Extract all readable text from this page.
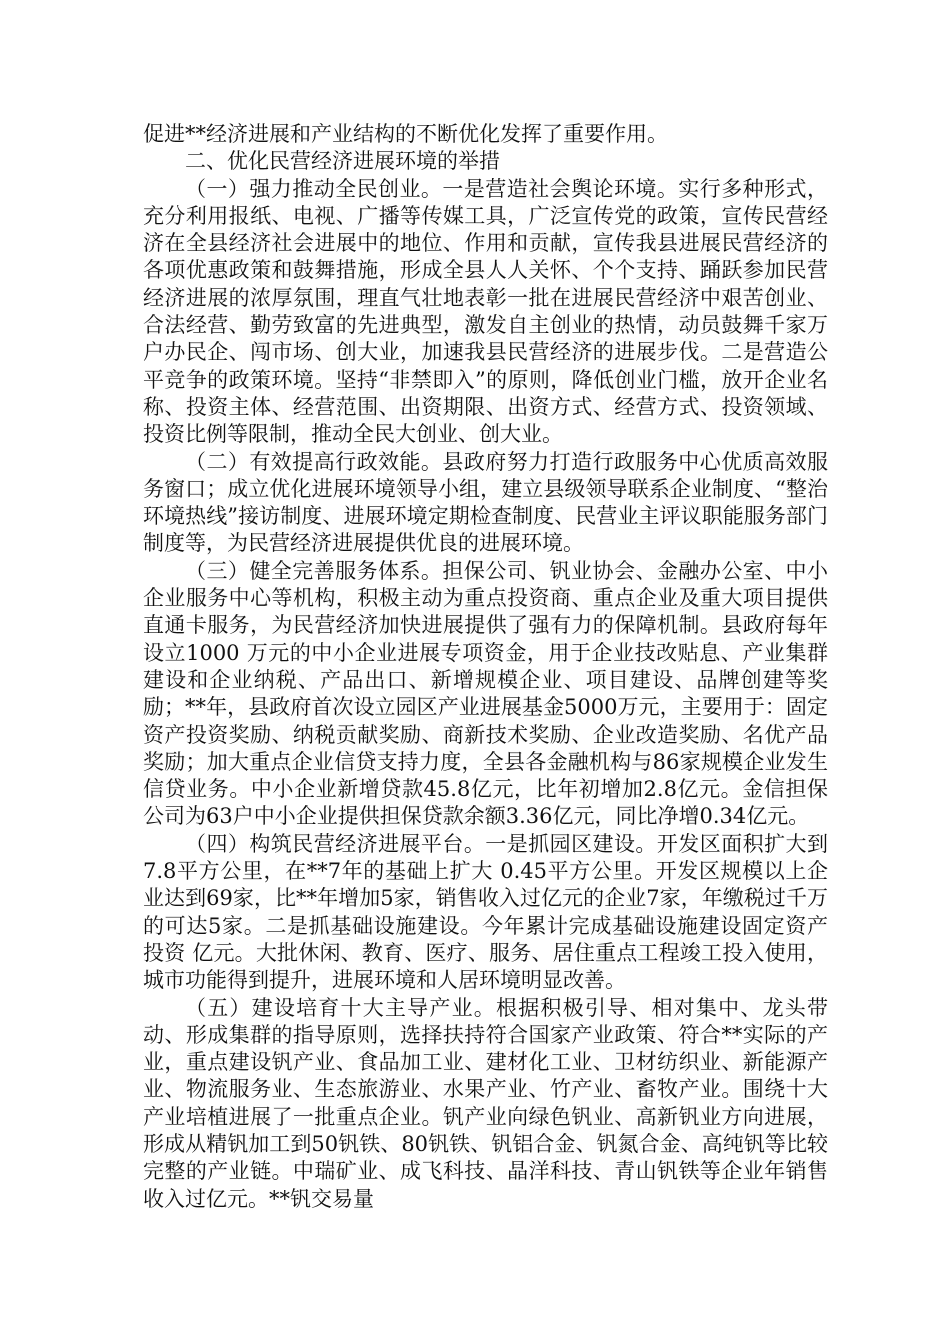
促进**经济进展和产业结构的不断优化发挥了重要作用。

二、优化民营经济进展环境的举措

（一）强力推动全民创业。一是营造社会舆论环境。实行多种形式，充分利用报纸、电视、广播等传媒工具，广泛宣传党的政策，宣传民营经济在全县经济社会进展中的地位、作用和贡献，宣传我县进展民营经济的各项优惠政策和鼓舞措施，形成全县人人关怀、个个支持、踊跃参加民营经济进展的浓厚氛围，理直气壮地表彰一批在进展民营经济中艰苦创业、合法经营、勤劳致富的先进典型，激发自主创业的热情，动员鼓舞千家万户办民企、闯市场、创大业，加速我县民营经济的进展步伐。二是营造公平竞争的政策环境。坚持“非禁即入”的原则，降低创业门槛，放开企业名称、投资主体、经营范围、出资期限、出资方式、经营方式、投资领域、投资比例等限制，推动全民大创业、创大业。

（二）有效提高行政效能。县政府努力打造行政服务中心优质高效服务窗口；成立优化进展环境领导小组，建立县级领导联系企业制度、“整治环境热线”接访制度、进展环境定期检查制度、民营业主评议职能服务部门制度等，为民营经济进展提供优良的进展环境。

（三）健全完善服务体系。担保公司、钒业协会、金融办公室、中小企业服务中心等机构，积极主动为重点投资商、重点企业及重大项目提供直通卡服务，为民营经济加快进展提供了强有力的保障机制。县政府每年设立1000 万元的中小企业进展专项资金，用于企业技改贴息、产业集群建设和企业纳税、产品出口、新增规模企业、项目建设、品牌创建等奖励；**年，县政府首次设立园区产业进展基金5000万元，主要用于：固定资产投资奖励、纳税贡献奖励、商新技术奖励、企业改造奖励、名优产品奖励；加大重点企业信贷支持力度，全县各金融机构与86家规模企业发生信贷业务。中小企业新增贷款45.8亿元，比年初增加2.8亿元。金信担保公司为63户中小企业提供担保贷款余额3.36亿元，同比净增0.34亿元。

（四）构筑民营经济进展平台。一是抓园区建设。开发区面积扩大到7.8平方公里，在**7年的基础上扩大 0.45平方公里。开发区规模以上企业达到69家，比**年增加5家，销售收入过亿元的企业7家，年缴税过千万的可达5家。二是抓基础设施建设。今年累计完成基础设施建设固定资产投资 亿元。大批休闲、教育、医疗、服务、居住重点工程竣工投入使用，城市功能得到提升，进展环境和人居环境明显改善。

（五）建设培育十大主导产业。根据积极引导、相对集中、龙头带动、形成集群的指导原则，选择扶持符合国家产业政策、符合**实际的产业，重点建设钒产业、食品加工业、建材化工业、卫材纺织业、新能源产业、物流服务业、生态旅游业、水果产业、竹产业、畜牧产业。围绕十大产业培植进展了一批重点企业。钒产业向绿色钒业、高新钒业方向进展，形成从精钒加工到50钒铁、80钒铁、钒铝合金、钒氮合金、高纯钒等比较完整的产业链。中瑞矿业、成飞科技、晶洋科技、青山钒铁等企业年销售收入过亿元。**钒交易量
